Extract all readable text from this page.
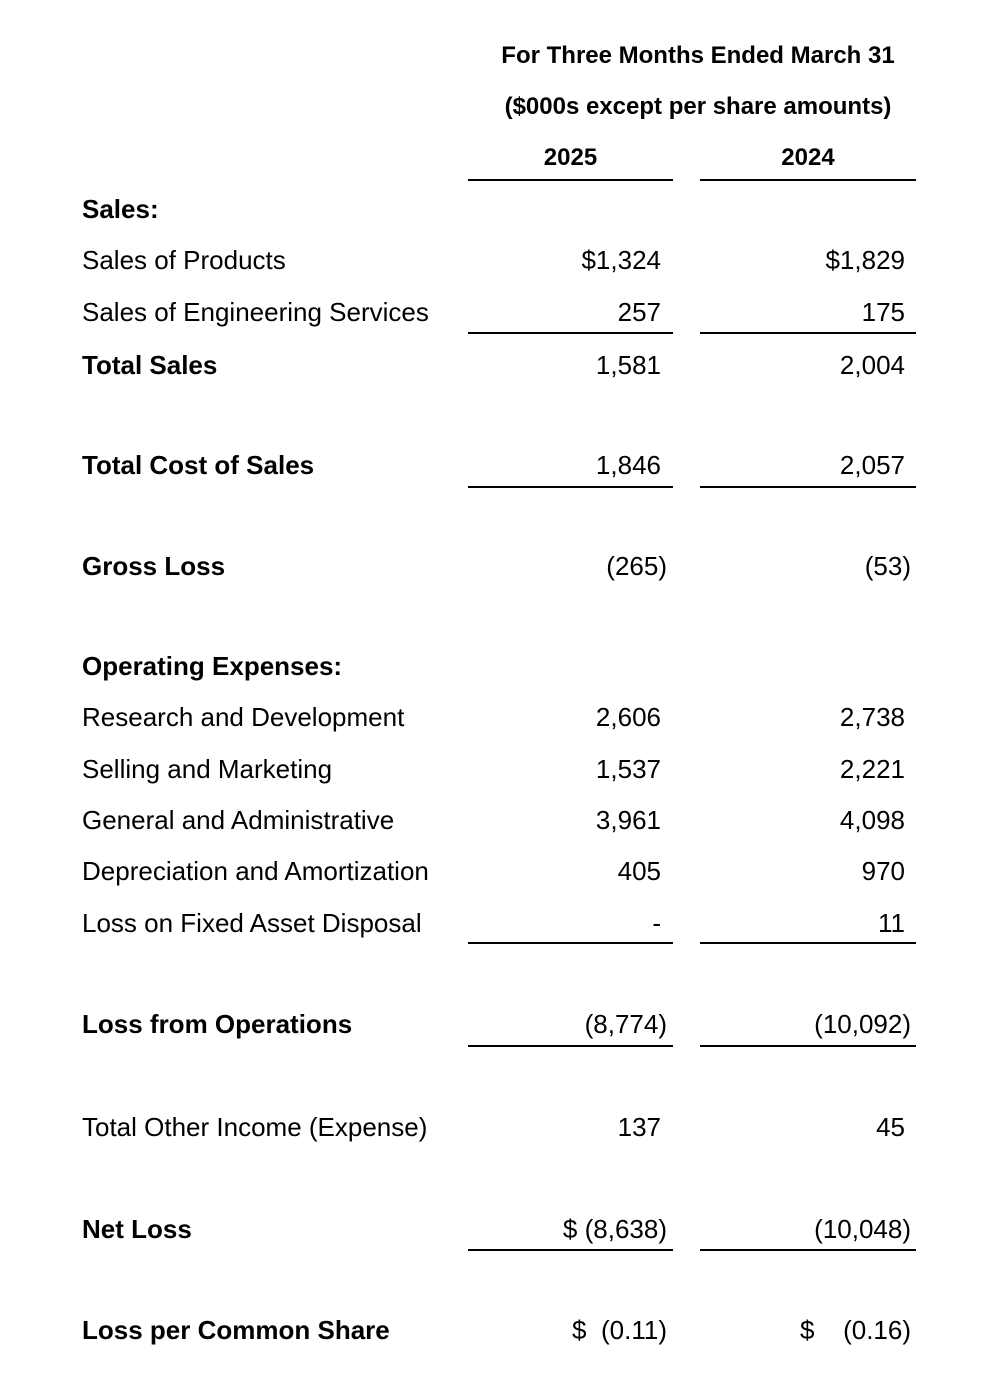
For Three Months Ended March 31
($000s except per share amounts)
2025	2024
Sales:
Sales of Products	$1,324	$1,829
Sales of Engineering Services	257	175
Total Sales	1,581	2,004
Total Cost of Sales	1,846	2,057
Gross Loss	(265)	(53)
Operating Expenses:
Research and Development	2,606	2,738
Selling and Marketing	1,537	2,221
General and Administrative	3,961	4,098
Depreciation and Amortization	405	970
Loss on Fixed Asset Disposal	-	11
Loss from Operations	(8,774)	(10,092)
Total Other Income (Expense)	137	45
Net Loss	$ (8,638)	(10,048)
Loss per Common Share	$ (0.11)	$ (0.16)
